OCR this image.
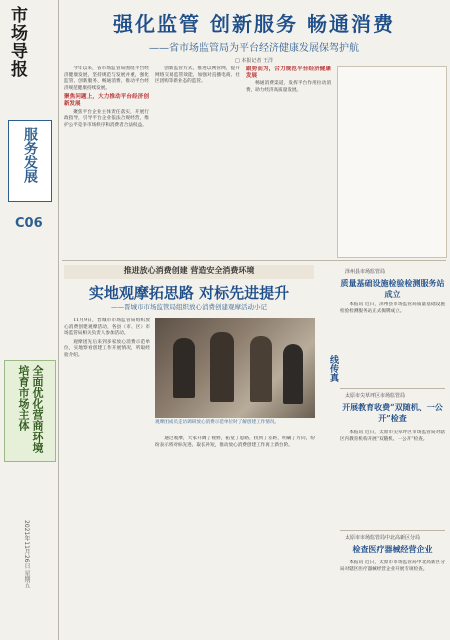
市场导报
服务发展
C06
全面优化营商环境 培育市场主体
2021年11月26日 星期五
强化监管 创新服务 畅通消费
——省市场监管局为平台经济健康发展保驾护航
□ 本报记者 王洋

今年以来，省市场监管局围绕平台经济健康发展，坚持规范与发展并重，强化监管、创新服务、畅通消费，推动平台经济规范健康持续发展。

聚焦问题上，大力推动平台经济创新发展

聚焦平台企业主体责任落实，开展行政指导，引导平台企业依法合规经营，维护公平竞争市场秩序和消费者合法权益。

创新监管方式，推进以网管网，提升网络交易监管效能，加强对直播电商、社区团购等新业态的监管。

跟势而为，合力规范平台经济健康发展

畅通消费渠道，发挥平台作用拉动消费，助力经济高质量发展。

推进放心消费创建 营造安全消费环境
实地观摩拓思路 对标先进提升
——晋城市市场监管局组织放心消费创建观摩活动小记

11月9日，晋城市市场监管局组织放心消费创建观摩活动，各县（市、区）市场监管局相关负责人参加活动。

观摩团先后来到多家放心消费示范单位，实地察看创建工作开展情况，听取经验介绍。

观摩团成员走访调研放心消费示范单位时了解创建工作情况。

通过观摩，大家开阔了视野，拓宽了思路，找到了差距，明确了方向，纷纷表示将对标先进、取长补短，推动放心消费创建工作再上新台阶。

线传真
泽州县市场监管局
质量基础设施检验检测服务站成立

本报讯 近日，泽州县市场监管局质量基础设施检验检测服务站正式揭牌成立。

太原市尖草坪区市场监管局
开展教育收费“双随机、一公开”检查

本报讯 近日，太原市尖草坪区市场监管局对辖区内教育机构开展“双随机、一公开”检查。

太原市市场监管局中北高新区分局
检查医疗器械经营企业

本报讯 近日，太原市市场监管局中北高新区分局对辖区医疗器械经营企业开展专项检查。
